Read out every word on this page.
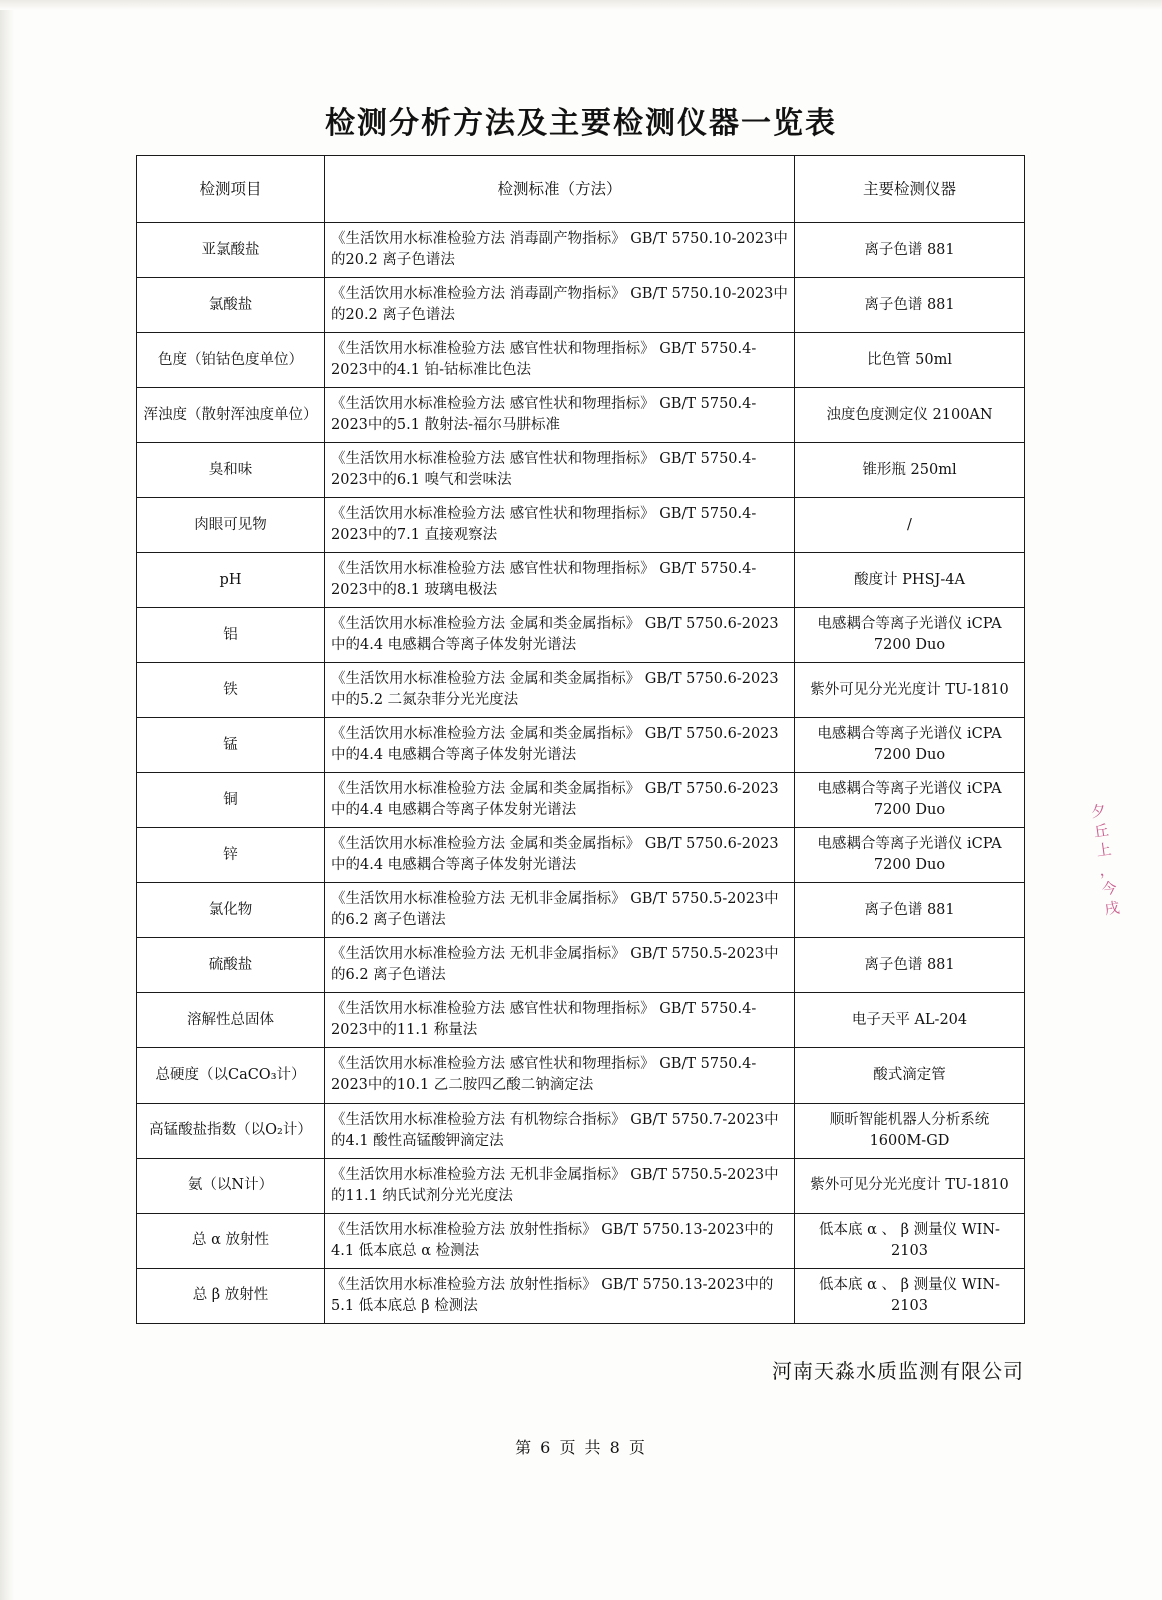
检测分析方法及主要检测仪器一览表
检测项目	检测标准（方法）	主要检测仪器
亚氯酸盐	《生活饮用水标准检验方法 消毒副产物指标》 GB/T 5750.10-2023中的20.2 离子色谱法	离子色谱 881
氯酸盐	《生活饮用水标准检验方法 消毒副产物指标》 GB/T 5750.10-2023中的20.2 离子色谱法	离子色谱 881
色度（铂钴色度单位）	《生活饮用水标准检验方法 感官性状和物理指标》 GB/T 5750.4-2023中的4.1 铂-钴标准比色法	比色管 50ml
浑浊度（散射浑浊度单位）	《生活饮用水标准检验方法 感官性状和物理指标》 GB/T 5750.4-2023中的5.1 散射法-福尔马肼标准	浊度色度测定仪 2100AN
臭和味	《生活饮用水标准检验方法 感官性状和物理指标》 GB/T 5750.4-2023中的6.1 嗅气和尝味法	锥形瓶 250ml
肉眼可见物	《生活饮用水标准检验方法 感官性状和物理指标》 GB/T 5750.4-2023中的7.1 直接观察法	/
pH	《生活饮用水标准检验方法 感官性状和物理指标》 GB/T 5750.4-2023中的8.1 玻璃电极法	酸度计 PHSJ-4A
铝	《生活饮用水标准检验方法 金属和类金属指标》 GB/T 5750.6-2023中的4.4 电感耦合等离子体发射光谱法	电感耦合等离子光谱仪 iCPA 7200 Duo
铁	《生活饮用水标准检验方法 金属和类金属指标》 GB/T 5750.6-2023中的5.2 二氮杂菲分光光度法	紫外可见分光光度计 TU-1810
锰	《生活饮用水标准检验方法 金属和类金属指标》 GB/T 5750.6-2023中的4.4 电感耦合等离子体发射光谱法	电感耦合等离子光谱仪 iCPA 7200 Duo
铜	《生活饮用水标准检验方法 金属和类金属指标》 GB/T 5750.6-2023中的4.4 电感耦合等离子体发射光谱法	电感耦合等离子光谱仪 iCPA 7200 Duo
锌	《生活饮用水标准检验方法 金属和类金属指标》 GB/T 5750.6-2023中的4.4 电感耦合等离子体发射光谱法	电感耦合等离子光谱仪 iCPA 7200 Duo
氯化物	《生活饮用水标准检验方法 无机非金属指标》 GB/T 5750.5-2023中的6.2 离子色谱法	离子色谱 881
硫酸盐	《生活饮用水标准检验方法 无机非金属指标》 GB/T 5750.5-2023中的6.2 离子色谱法	离子色谱 881
溶解性总固体	《生活饮用水标准检验方法 感官性状和物理指标》 GB/T 5750.4-2023中的11.1 称量法	电子天平 AL-204
总硬度（以CaCO₃计）	《生活饮用水标准检验方法 感官性状和物理指标》 GB/T 5750.4-2023中的10.1 乙二胺四乙酸二钠滴定法	酸式滴定管
高锰酸盐指数（以O₂计）	《生活饮用水标准检验方法 有机物综合指标》 GB/T 5750.7-2023中的4.1 酸性高锰酸钾滴定法	顺昕智能机器人分析系统 1600M-GD
氨（以N计）	《生活饮用水标准检验方法 无机非金属指标》 GB/T 5750.5-2023中的11.1 纳氏试剂分光光度法	紫外可见分光光度计 TU-1810
总 α 放射性	《生活饮用水标准检验方法 放射性指标》 GB/T 5750.13-2023中的4.1 低本底总 α 检测法	低本底 α 、 β 测量仪 WIN-2103
总 β 放射性	《生活饮用水标准检验方法 放射性指标》 GB/T 5750.13-2023中的5.1 低本底总 β 检测法	低本底 α 、 β 测量仪 WIN-2103
河南天淼水质监测有限公司
第 6 页 共 8 页
夕
丘
上
，
今
戌
